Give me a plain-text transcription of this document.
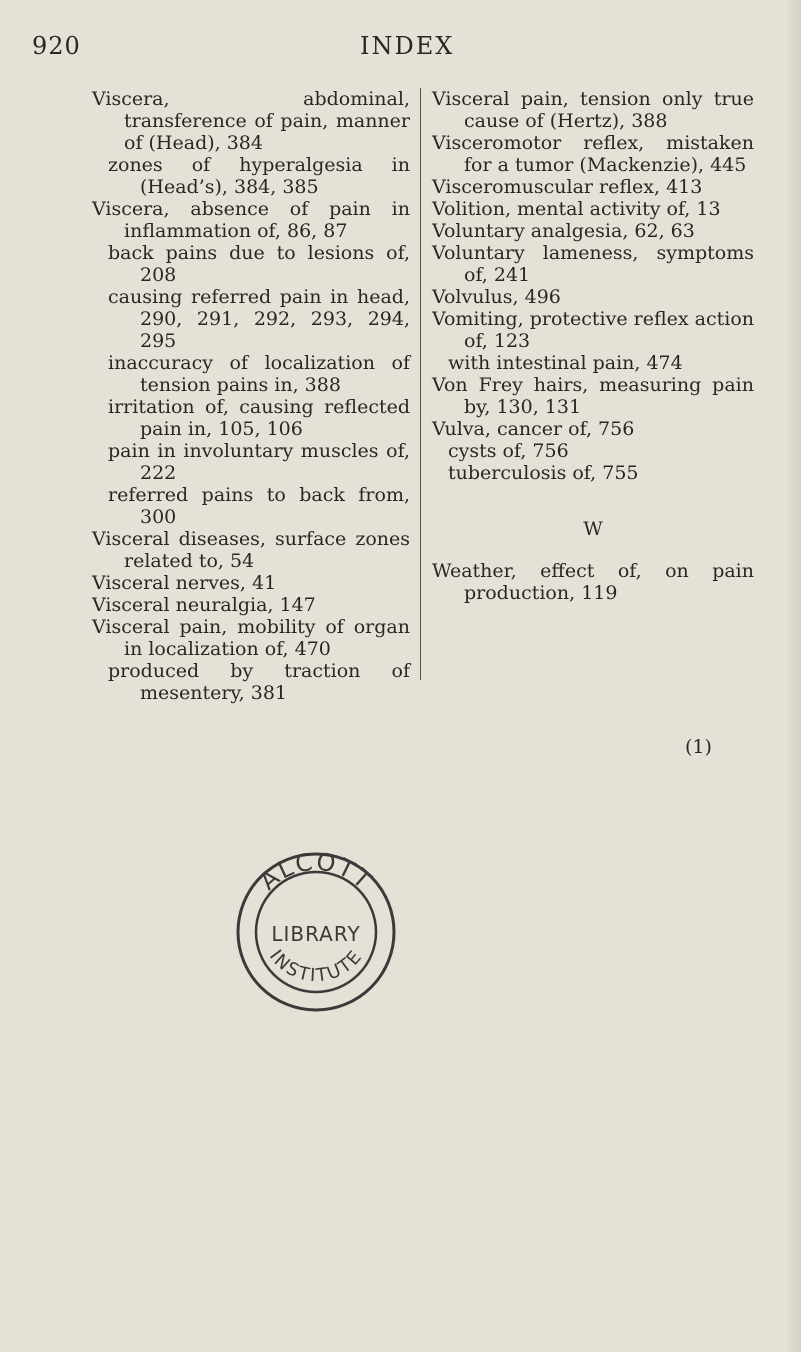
920	INDEX

Viscera, abdominal, transference of pain, manner of (Head), 384

zones of hyperalgesia in (Head’s), 384, 385

Viscera, absence of pain in inflammation of, 86, 87

back pains due to lesions of, 208

causing referred pain in head, 290, 291, 292, 293, 294, 295

inaccuracy of localization of tension pains in, 388

irritation of, causing reflected pain in, 105, 106

pain in involuntary muscles of, 222

referred pains to back from, 300

Visceral diseases, surface zones related to, 54

Visceral nerves, 41

Visceral neuralgia, 147

Visceral pain, mobility of organ in localization of, 470

produced by traction of mesentery, 381

Visceral pain, tension only true cause of (Hertz), 388

Visceromotor reflex, mistaken for a tumor (Mackenzie), 445

Visceromuscular reflex, 413

Volition, mental activity of, 13

Voluntary analgesia, 62, 63

Voluntary lameness, symptoms of, 241

Volvulus, 496

Vomiting, protective reflex action of, 123

with intestinal pain, 474

Von Frey hairs, measuring pain by, 130, 131

Vulva, cancer of, 756

cysts of, 756

tuberculosis of, 755

W

Weather, effect of, on pain production, 119

(1)
ALCOTT
LIBRARY
INSTITUTE
